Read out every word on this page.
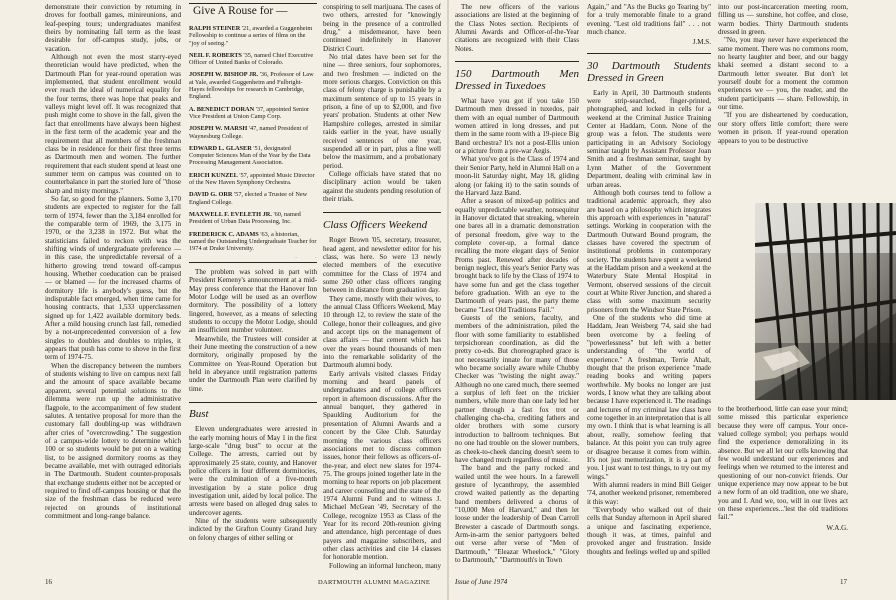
demonstrate their conviction by returning in droves for football games, minireunions, and leaf-peeping tours; undergraduates manifest theirs by nominating fall term as the least desirable for off-campus study, jobs, or vacation.

Although not even the most starry-eyed theoretician would have predicted, when the Dartmouth Plan for year-round operation was implemented, that student enrollment would ever reach the ideal of numerical equality for the four terms, there was hope that peaks and valleys might level off. It was recognized that push might come to shove in the fall, given the fact that enrollments have always been highest in the first term of the academic year and the requirement that all members of the freshman class be in residence for their first three terms as Dartmouth men and women. The further requirement that each student spend at least one summer term on campus was counted on to counterbalance in part the storied lure of "those sharp and misty mornings."

So far, so good for the planners. Some 3,170 students are expected to register for the fall term of 1974, fewer than the 3,184 enrolled for the comparable term of 1969, the 3,175 in 1970, or the 3,238 in 1972. But what the statisticians failed to reckon with was the shifting winds of undergraduate preference — in this case, the unpredictable reversal of a hitherto growing trend toward off-campus housing. Whether coeducation can be praised — or blamed — for the increased charms of dormitory life is anybody's guess, but the indisputable fact emerged, when time came for housing contracts, that 1,533 upperclassmen signed up for 1,422 available dormitory beds. After a mild housing crunch last fall, remedied by a not-unprecedented conversion of a few singles to doubles and doubles to triples, it appears that push has come to shove in the first term of 1974-75.

When the discrepancy between the numbers of students wishing to live on campus next fall and the amount of space available became apparent, several potential solutions to the dilemma were run up the administrative flagpole, to the accompaniment of few student salutes. A tentative proposal for more than the customary fall doubling-up was withdrawn after cries of "overcrowding." The suggestion of a campus-wide lottery to determine which 100 or so students would be put on a waiting list, to be assigned dormitory rooms as they became available, met with outraged editorials in The Dartmouth. Student counter-proposals that exchange students either not be accepted or required to find off-campus housing or that the size of the freshman class be reduced were rejected on grounds of institutional commitment and long-range balance.

Give A Rouse for —

RALPH STEINER '21, awarded a Guggenheim Fellowship to continue a series of films on the "joy of seeing."

NEIL F. ROBERTS '35, named Chief Executive Officer of United Banks of Colorado.

JOSEPH W. BISHOP JR. '36, Professor of Law at Yale, awarded Guggenheim and Fulbright-Hayes fellowships for research in Cambridge, England.

A. BENEDICT DORAN '37, appointed Senior Vice President at Union Camp Corp.

JOSEPH W. MARSH '47, named President of Waynesburg College.

EDWARD L. GLASER '51, designated Computer Sciences Man of the Year by the Data Processing Management Association.

ERICH KUNZEL '57, appointed Music Director of the New Haven Symphony Orchestra.

DAVID G. ORR '57, elected a Trustee of New England College.

MAXWELL F. EVELETH JR. '60, named President of Urban Data Processing, Inc.

FREDERICK C. ADAMS '63, a historian, named the Outstanding Undergraduate Teacher for 1974 at Drake University.

The problem was solved in part with President Kemeny's announcement at a mid-May press conference that the Hanover Inn Motor Lodge will be used as an overflow dormitory. The possibility of a lottery lingered, however, as a means of selecting students to occupy the Motor Lodge, should an insufficient number volunteer.

Meanwhile, the Trustees will consider at their June meeting the construction of a new dormitory, originally proposed by the Committee on Year-Round Operation but held in abeyance until registration patterns under the Dartmouth Plan were clarified by time.

Bust

Eleven undergraduates were arrested in the early morning hours of May 1 in the first large-scale "drug bust" to occur at the College. The arrests, carried out by approximately 25 state, county, and Hanover police officers in four different dormitories, were the culmination of a five-month investigation by a state police drug investigation unit, aided by local police. The arrests were based on alleged drug sales to undercover agents.

Nine of the students were subsequently indicted by the Grafton County Grand Jury on felony charges of either selling or

conspiring to sell marijuana. The cases of two others, arrested for "knowingly being in the presence of a controlled drug," a misdemeanor, have been continued indefinitely in Hanover District Court.

No trial dates have been set for the nine — three seniors, four sophomores, and two freshmen — indicted on the more serious charges. Conviction on this class of felony charge is punishable by a maximum sentence of up to 15 years in prison, a fine of up to $2,000, and five years' probation. Students at other New Hampshire colleges, arrested in similar raids earlier in the year, have usually received sentences of one year, suspended all or in part, plus a fine well below the maximum, and a probationary period.

College officials have stated that no disciplinary action would be taken against the students pending resolution of their trials.

Class Officers Weekend

Roger Brown '05, secretary, treasurer, head agent, and newsletter editor for his class, was here. So were 13 newly elected members of the executive committee for the Class of 1974 and some 260 other class officers ranging between in distance from graduation day.

They came, mostly with their wives, to the annual Class Officers Weekend, May 10 through 12, to review the state of the College, honor their colleagues, and give and accept tips on the management of class affairs — that cement which has over the years bound thousands of men into the remarkable solidarity of the Dartmouth alumni body.

Early arrivals visited classes Friday morning and heard panels of undergraduates and of college officers report in afternoon discussions. After the annual banquet, they gathered in Spaulding Auditorium for the presentation of Alumni Awards and a concert by the Glee Club. Saturday morning the various class officers associations met to discuss common issues, honor their fellows as officers-of-the-year, and elect new slates for 1974-75. The groups joined together late in the morning to hear reports on job placement and career counseling and the state of the 1974 Alumni Fund and to witness J. Michael McGean '49, Secretary of the College, recognize 1953 as Class of the Year for its record 20th-reunion giving and attendance, high percentage of dues payers and magazine subscribers, and other class activities and cite 14 classes for honorable mention.

Following an informal luncheon, many

16	DARTMOUTH ALUMNI MAGAZINE

The new officers of the various associations are listed at the beginning of the Class Notes section. Recipients of Alumni Awards and Officer-of-the-Year citations are recognized with their Class Notes.

150 Dartmouth Men Dressed in Tuxedoes

What have you got if you take 150 Dartmouth men dressed in tuxedos, pair them with an equal number of Dartmouth women attired in long dresses, and put them in the same room with a 19-piece Big Band orchestra? It's not a post-Ellis union or a picture from a pre-war Aegis.

What you've got is the Class of 1974 and their Senior Party, held in Alumni Hall on a moon-lit Saturday night, May 18, gliding along (or faking it) to the satin sounds of the Harvard Jazz Band.

After a season of mixed-up politics and equally unpredictable weather, nonsequitur in Hanover dictated that streaking, wherein one bares all in a dramatic demonstration of personal freedom, give way to the complete cover-up, a formal dance recalling the more elegant days of Senior Proms past. Renewed after decades of benign neglect, this year's Senior Party was brought back to life by the Class of 1974 to have some fun and get the class together before graduation. With an eye to the Dartmouth of years past, the party theme became "Lest Old Traditions Fail."

Guests of the seniors, faculty, and members of the administration, piled the floor with some familiarity to established terpsichorean coordination, as did the pretty co-eds. But choreographed grace is not necessarily innate for many of those who became socially aware while Chubby Checker was "twisting the night away." Although no one cared much, there seemed a surplus of left feet on the trickier numbers, while more than one lady led her partner through a fast fox trot or challenging cha-cha, crediting fathers and older brothers with some cursory introduction to ballroom techniques. But no one had trouble on the slower numbers, as cheek-to-cheek dancing doesn't seem to have changed much regardless of music.

The band and the party rocked and wailed until the wee hours. In a farewell gesture of lycanthropy, the assembled crowd waited patiently as the departing band members delivered a chorus of "10,000 Men of Harvard," and then let loose under the leadership of Dean Carroll Brewster a cascade of Dartmouth songs. Arm-in-arm the senior partygoers belted out verse after verse of "Men of Dartmouth," "Eleazar Wheelock," "Glory to Dartmouth," "Dartmouth's in Town

Again," and "As the Bucks go Tearing by" for a truly memorable finale to a grand evening. "Lest old traditions fail" . . . not much chance.

J.M.S.
30 Dartmouth Students Dressed in Green

Early in April, 30 Dartmouth students were strip-searched, finger-printed, photographed, and locked in cells for a weekend at the Criminal Justice Training Center at Haddam, Conn. None of the group was a felon. The students were participating in an Advisory Sociology seminar taught by Assistant Professor Joan Smith and a freshman seminar, taught by Lynn Mather of the Government Department, dealing with criminal law in urban areas.

Although both courses tend to follow a traditional academic approach, they also are based on a philosophy which integrates this approach with experiences in "natural" settings. Working in cooperation with the Dartmouth Outward Bound program, the classes have covered the spectrum of institutional problems in contemporary society. The students have spent a weekend at the Haddam prison and a weekend at the Waterbury State Mental Hospital in Vermont, observed sessions of the circuit court at White River Junction, and shared a class with some maximum security prisoners from the Windsor State Prison.

One of the students who did time at Haddam, Jean Weisberg '74, said she had been overcome by a feeling of "powerlessness" but left with a better understanding of "the world of experience." A freshman, Terrie Ahalt, thought that the prison experience "made reading books and writing papers worthwhile. My books no longer are just words, I know what they are talking about because I have experienced it. The readings and lectures of my criminal law class have come together in an interpretation that is all my own. I think that is what learning is all about, really, somehow feeling that balance. At this point you can truly agree or disagree because it comes from within. It's not just memorization, it is a part of you. I just want to test things, to try out my wings."

With alumni readers in mind Bill Geiger '74, another weekend prisoner, remembered it this way:

"Everybody who walked out of their cells that Sunday afternoon in April shared a unique and fascinating experience, though it was, at times, painful and provoked anger and frustration. Inside thoughts and feelings welled up and spilled

into our post-incarceration meeting room, filling us — sunshine, hot coffee, and close, warm bodies. Thirty Dartmouth students dressed in green.

"No, you may never have experienced the same moment. There was no commons room, no hearty laughter and beer, and our baggy khaki seemed a distant second to a Dartmouth letter sweater. But don't let yourself doubt for a moment the common experiences we — you, the reader, and the student participants — share. Fellowship, in our time.

"If you are disheartened by coeducation, our story offers little comfort; there were women in prison. If year-round operation appears to you to be destructive

to the brotherhood, little can ease your mind; some missed this particular experience because they were off campus. Your once-valued college symbol; you perhaps would find the experience demoralizing in its absence. But we all let our cells knowing that few would understand our experiences and feelings when we returned to the interest and questioning of our non-convict friends. Our unique experience may now appear to be but a new form of an old tradition, one we share, you and I. And we, too, will in our lives act on these experiences...'lest the old traditions fail.'"

W.A.G.
Issue of June 1974	17
